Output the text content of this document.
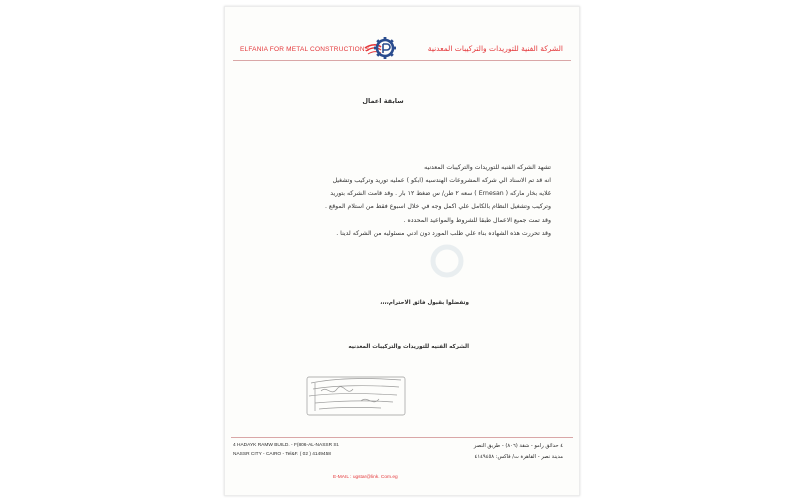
ELFANIA FOR METAL CONSTRUCTIONS	الشركة الفنية للتوريدات والتركيبات المعدنية
سابقة اعمال
تشهد الشركه الفنيه للتوريدات والتركيبات المعدنيه
انه قد تم الاسناد الي شركه المشروعات الهندسيه (ابكو ) عمليه توريد وتركيب وتشغيل
غلايه بخار ماركه ( Ernesan ) سعه ٢ طن/ س ضغط ١٢ بار . وقد قامت الشركه بتوريد
وتركيب وتشغيل النظام بالكامل علي اكمل وجه في خلال اسبوع فقط من استلام الموقع .
وقد تمت جميع الاعمال طبقا للشروط والمواعيد المحدده .
وقد تحررت هذه الشهاده بناء علي طلب المورد دون ادني مسئوليه من الشركه لدينا .
وتفضلوا بقبول فائق الاحترام،،،،
الشركه الفنيه للتوريدات والتركيبات المعدنيه
4 HADAYK RAMW BUILD. - F(806-AL-NASSR St.
NASSR CITY - CAIRO - Tel&F. ( 02 ) 4149458
٤ حدائق رامو - شقة (٨٠٦) - طريق النصر
مدينة نصر - القاهرة ت/ فاكس: ٤١٤٩٤٥٨
E-MAIL : ugstar@link. Com.eg
